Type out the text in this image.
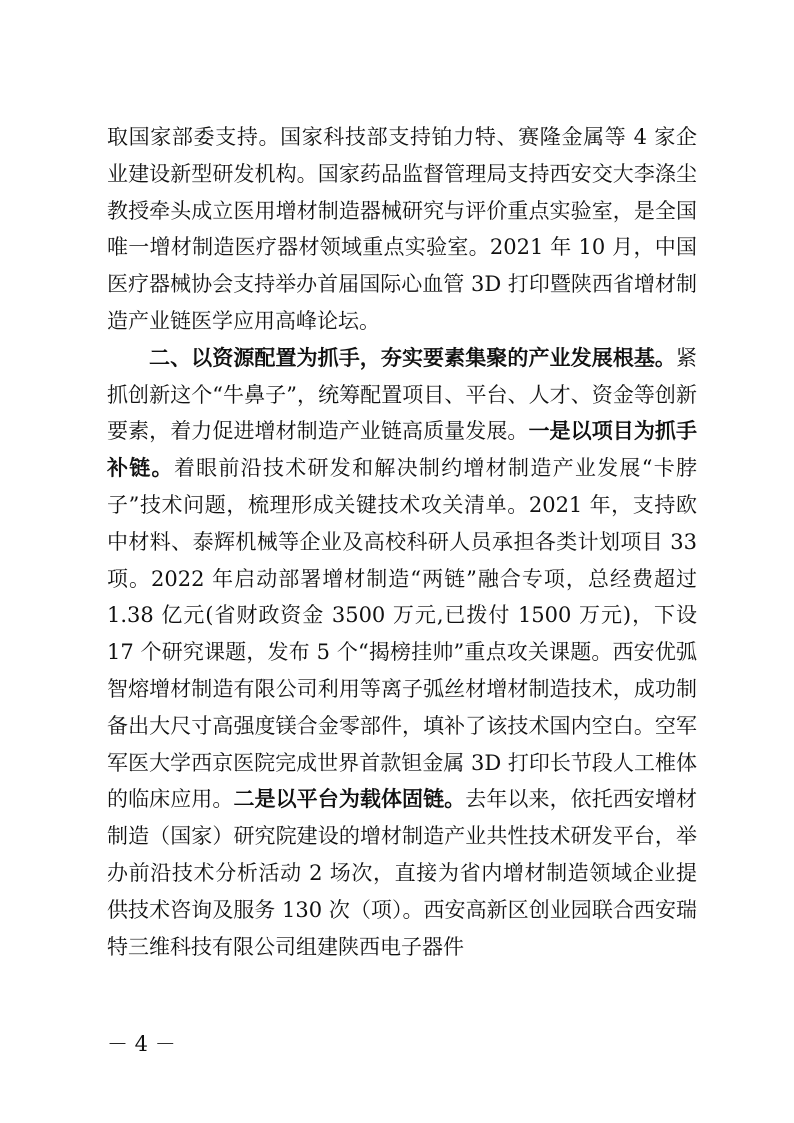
取国家部委支持。国家科技部支持铂力特、赛隆金属等 4 家企业建设新型研发机构。国家药品监督管理局支持西安交大李涤尘教授牵头成立医用增材制造器械研究与评价重点实验室，是全国唯一增材制造医疗器材领域重点实验室。2021 年 10 月，中国医疗器械协会支持举办首届国际心血管 3D 打印暨陕西省增材制造产业链医学应用高峰论坛。

二、以资源配置为抓手，夯实要素集聚的产业发展根基。紧抓创新这个“牛鼻子”，统筹配置项目、平台、人才、资金等创新要素，着力促进增材制造产业链高质量发展。一是以项目为抓手补链。着眼前沿技术研发和解决制约增材制造产业发展“卡脖子”技术问题，梳理形成关键技术攻关清单。2021 年，支持欧中材料、泰辉机械等企业及高校科研人员承担各类计划项目 33 项。2022 年启动部署增材制造“两链”融合专项，总经费超过 1.38 亿元(省财政资金 3500 万元,已拨付 1500 万元)，下设 17 个研究课题，发布 5 个“揭榜挂帅”重点攻关课题。西安优弧智熔增材制造有限公司利用等离子弧丝材增材制造技术，成功制备出大尺寸高强度镁合金零部件，填补了该技术国内空白。空军军医大学西京医院完成世界首款钽金属 3D 打印长节段人工椎体的临床应用。二是以平台为载体固链。去年以来，依托西安增材制造（国家）研究院建设的增材制造产业共性技术研发平台，举办前沿技术分析活动 2 场次，直接为省内增材制造领域企业提供技术咨询及服务 130 次（项）。西安高新区创业园联合西安瑞特三维科技有限公司组建陕西电子器件

－ 4 －
